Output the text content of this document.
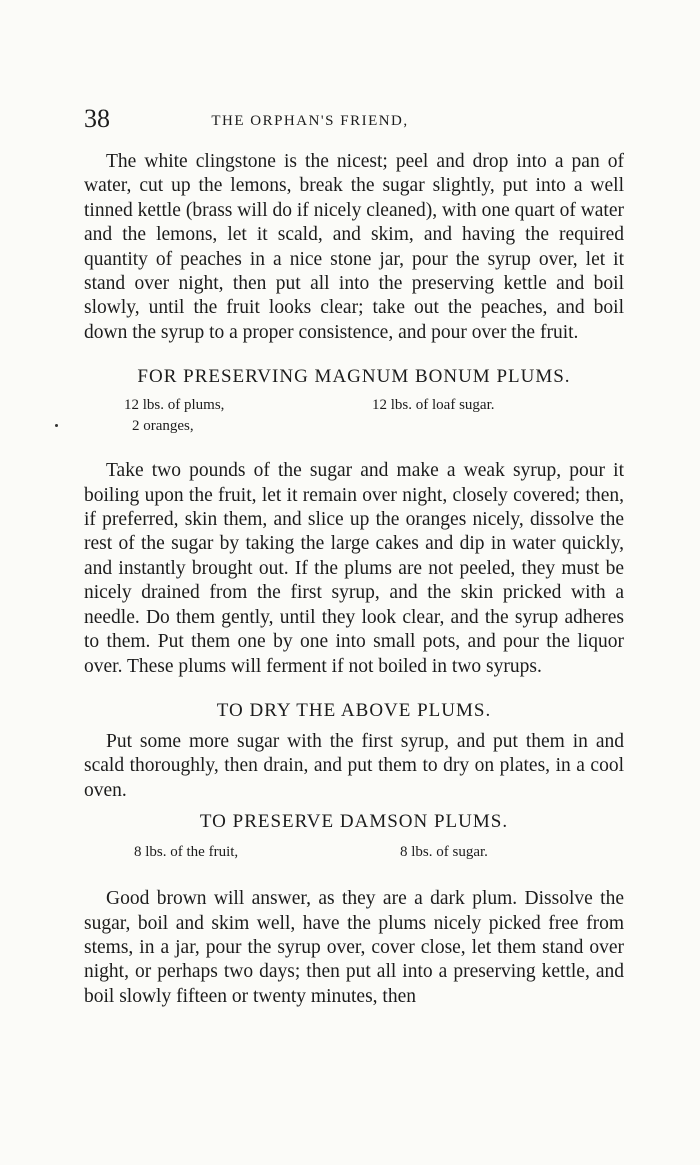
38	THE ORPHAN'S FRIEND,

The white clingstone is the nicest; peel and drop into a pan of water, cut up the lemons, break the sugar slightly, put into a well tinned kettle (brass will do if nicely cleaned), with one quart of water and the lemons, let it scald, and skim, and having the required quantity of peaches in a nice stone jar, pour the syrup over, let it stand over night, then put all into the preserving kettle and boil slowly, until the fruit looks clear; take out the peaches, and boil down the syrup to a proper consistence, and pour over the fruit.

FOR PRESERVING MAGNUM BONUM PLUMS.
12 lbs. of plums,	12 lbs. of loaf sugar.
2 oranges,

Take two pounds of the sugar and make a weak syrup, pour it boiling upon the fruit, let it remain over night, closely covered; then, if preferred, skin them, and slice up the oranges nicely, dissolve the rest of the sugar by taking the large cakes and dip in water quickly, and instantly brought out. If the plums are not peeled, they must be nicely drained from the first syrup, and the skin pricked with a needle. Do them gently, until they look clear, and the syrup adheres to them. Put them one by one into small pots, and pour the liquor over. These plums will ferment if not boiled in two syrups.

TO DRY THE ABOVE PLUMS.

Put some more sugar with the first syrup, and put them in and scald thoroughly, then drain, and put them to dry on plates, in a cool oven.

TO PRESERVE DAMSON PLUMS.
8 lbs. of the fruit,	8 lbs. of sugar.

Good brown will answer, as they are a dark plum. Dissolve the sugar, boil and skim well, have the plums nicely picked free from stems, in a jar, pour the syrup over, cover close, let them stand over night, or perhaps two days; then put all into a preserving kettle, and boil slowly fifteen or twenty minutes, then
